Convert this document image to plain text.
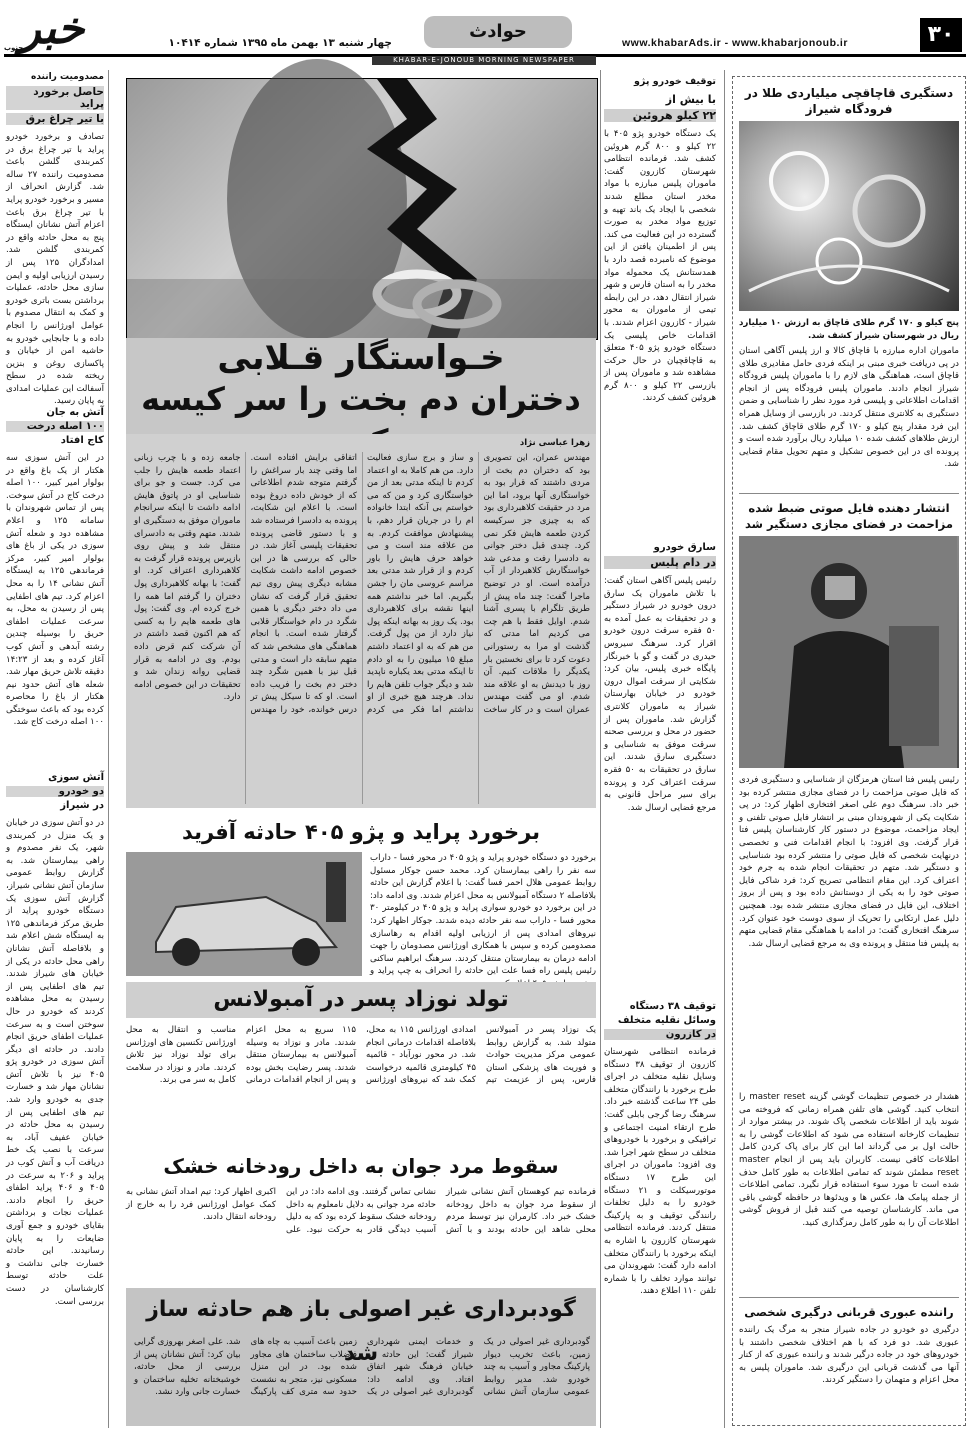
۳۰
حوادث
www.khabarAds.ir - www.khabarjonoub.ir
خبر
جنوب	چهار شنبه ۱۳ بهمن ماه ۱۳۹۵ شماره ۱۰۴۱۴
KHABAR-E-JONOUB MORNING NEWSPAPER
مصدومیت راننده
حاصل برخورد پراید
با تیر چراغ برق
تصادف و برخورد خودرو پراید با تیر چراغ برق در کمربندی گلشن باعث مصدومیت راننده ۲۷ ساله شد. گزارش انحراف از مسیر و برخورد خودرو پراید با تیر چراغ برق باعث اعزام آتش نشانان ایستگاه پنج به محل حادثه واقع در کمربندی گلشن شد. امدادگران ۱۲۵ پس از رسیدن ارزیابی اولیه و ایمن سازی محل حادثه، عملیات برداشتن بست باتری خودرو و کمک به انتقال مصدوم با عوامل اورژانس را انجام داده و با جابجایی خودرو به حاشیه امن از خیابان و پاکسازی روغن و بنزین ریخته شده در سطح آسفالت این عملیات امدادی به پایان رسید.
آتش به جان
۱۰۰ اصله درخت
کاج افتاد
در این آتش سوزی سه هکتار از یک باغ واقع در بولوار امیر کبیر، ۱۰۰ اصله درخت کاج در آتش سوخت. پس از تماس شهروندان با سامانه ۱۲۵ و اعلام مشاهده دود و شعله آتش سوزی در یکی از باغ های بولوار امیر کبیر، مرکز فرماندهی ۱۲۵ به ایستگاه آتش نشانی ۱۴ را به محل اعزام کرد. تیم های اطفایی پس از رسیدن به محل، به سرعت عملیات اطفای حریق را بوسیله چندین رشته آبدهی و آتش کوب آغاز کرده و بعد از ۱۴:۲۳ دقیقه تلاش حریق مهار شد. شعله های آتش حدود نیم هکتار از باغ را محاصره کرده بود که باعث سوختگی ۱۰۰ اصله درخت کاج شد.
آتش سوزی
دو خودرو
در شیراز
در دو آتش سوزی در خیابان و یک منزل در کمربندی شهر، یک نفر مصدوم و راهی بیمارستان شد. به گزارش روابط عمومی سازمان آتش نشانی شیراز، گزارش آتش سوزی یک دستگاه خودرو پراید از طریق مرکز فرماندهی ۱۲۵ به ایستگاه شش اعلام شد و بلافاصله آتش نشانان راهی محل حادثه در یکی از خیابان های شیراز شدند. تیم های اطفایی پس از رسیدن به محل مشاهده کردند که خودرو در حال سوختن است و به سرعت عملیات اطفای حریق انجام دادند. در حادثه ای دیگر آتش سوزی در خودرو پژو ۴۰۵ نیز با تلاش آتش نشانان مهار شد و خسارت جدی به خودرو وارد شد. تیم های اطفایی پس از رسیدن به محل حادثه در خیابان عفیف آباد، به سرعت با نصب یک خط دریافت آب و آتش کوب در پراید و ۲۰۶ به سرعت در ۴۰۵ و ۴۰۶ پراید اطفای حریق را انجام دادند. عملیات نجات و برداشتن بقایای خودرو و جمع آوری ضایعات را به پایان رسانیدند. این حادثه خسارت جانی نداشت و علت حادثه توسط کارشناسان در دست بررسی است.
خـواستگار قـلابی
دختران دم بخت را سر کیسه
زهرا عباسی نژاد
مهندس عمران، این تصویری بود که دختران دم بخت از مردی داشتند که قرار بود به خواستگاری آنها برود، اما این مرد در حقیقت کلاهبرداری بود که به چیزی جز سرکیسه کردن طعمه هایش فکر نمی کرد. چندی قبل دختر جوانی به دادسرا رفت و مدعی شد خواستگارش کلاهبردار از آب درآمده است. او در توضیح ماجرا گفت: چند ماه پیش از طریق تلگرام با پسری آشنا شدم. اوایل فقط با هم چت می کردیم اما مدتی که گذشت او مرا به رستورانی دعوت کرد تا برای نخستین بار یکدیگر را ملاقات کنیم. آن روز با دیدنش به او علاقه مند شدم. او می گفت مهندس عمران است و در کار ساخت و ساز و برج سازی فعالیت دارد. من هم کاملا به او اعتماد کردم تا اینکه مدتی بعد از من خواستگاری کرد و من که می خواستم بی آنکه ابتدا خانواده ام را در جریان قرار دهم، با پیشنهادش موافقت کردم. به من علاقه مند است و می خواهد حرف هایش را باور کردم و از قرار شد مدتی بعد مراسم عروسی مان را جشن بگیریم. اما خبر نداشتم همه اینها نقشه برای کلاهبرداری بود. یک روز به بهانه اینکه پول نیاز دارد از من پول گرفت. من هم که به او اعتماد داشتم مبلغ ۱۵ میلیون را به او دادم تا اینکه مدتی بعد یکباره ناپدید شد و دیگر جواب تلفن هایم را نداد. هرچند هیچ خبری از او نداشتم اما فکر می کردم اتفاقی برایش افتاده است. اما وقتی چند بار سراغش را گرفتم متوجه شدم اطلاعاتی که از خودش داده دروغ بوده است. با اعلام این شکایت، پرونده به دادسرا فرستاده شد و با دستور قاضی پرونده تحقیقات پلیسی آغاز شد. در حالی که بررسی ها در این خصوص ادامه داشت شکایت مشابه دیگری پیش روی تیم تحقیق قرار گرفت که نشان می داد دختر دیگری با همین شگرد در دام خواستگار قلابی گرفتار شده است. با انجام هماهنگی های مشخص شد که متهم سابقه دار است و مدتی قبل نیز با همین شگرد چند دختر دم بخت را فریب داده است. او که تا سیکل پیش تر درس خوانده، خود را مهندس جامعه زده و با چرب زبانی اعتماد طعمه هایش را جلب می کرد. جست و جو برای شناسایی او در پاتوق هایش ادامه داشت تا اینکه سرانجام ماموران موفق به دستگیری او شدند. متهم وقتی به دادسرای منتقل شد و پیش روی بازپرس پرونده قرار گرفت به کلاهبرداری اعتراف کرد. او گفت: با بهانه کلاهبرداری پول دختران را گرفتم اما همه را خرج کرده ام. وی گفت: پول های طعمه هایم را به کسی که هم اکنون قصد داشتم در آن شرکت کنم قرض داده بودم. وی در ادامه به قرار قضایی روانه زندان شد و تحقیقات در این خصوص ادامه دارد.
توقیف خودرو پژو
با بیش از
۲۲ کیلو هروئین
یک دستگاه خودرو پژو ۴۰۵ با ۲۲ کیلو و ۸۰۰ گرم هروئین کشف شد. فرمانده انتظامی شهرستان کازرون گفت: ماموران پلیس مبارزه با مواد مخدر استان مطلع شدند شخصی با ایجاد یک باند تهیه و توزیع مواد مخدر به صورت گسترده در این فعالیت می کند. پس از اطمینان یافتن از این موضوع که نامبرده قصد دارد با همدستانش یک محموله مواد مخدر را به استان فارس و شهر شیراز انتقال دهد، در این رابطه تیمی از ماموران به محور شیراز - کازرون اعزام شدند. با اقدامات خاص پلیسی یک دستگاه خودرو پژو ۴۰۵ متعلق به قاچاقچیان در حال حرکت مشاهده شد و ماموران پس از بازرسی ۲۲ کیلو و ۸۰۰ گرم هروئین کشف کردند.
سارق خودرو
در دام پلیس
رئیس پلیس آگاهی استان گفت: با تلاش ماموران یک سارق درون خودرو در شیراز دستگیر و در تحقیقات به عمل آمده به ۵۰ فقره سرقت درون خودرو اقرار کرد. سرهنگ سیروس حیدری در گفت و گو با خبرنگار پایگاه خبری پلیس، بیان کرد: شکایتی از سرقت اموال درون خودرو در خیابان بهارستان شیراز به ماموران کلانتری گزارش شد. ماموران پس از حضور در محل و بررسی صحنه سرقت موفق به شناسایی و دستگیری سارق شدند. این سارق در تحقیقات به ۵۰ فقره سرقت اعتراف کرد و پرونده برای سیر مراحل قانونی به مرجع قضایی ارسال شد.
توقیف ۳۸ دستگاه
وسائل نقلیه متخلف
در کازرون
فرمانده انتظامی شهرستان کازرون از توقیف ۳۸ دستگاه وسایل نقلیه متخلف در اجرای طرح برخورد با رانندگان متخلف طی ۲۴ ساعت گذشته خبر داد. سرهنگ رضا گرجی بابلی گفت: طرح ارتقاء امنیت اجتماعی و ترافیکی و برخورد با خودروهای متخلف در سطح شهر اجرا شد. وی افزود: ماموران در اجرای این طرح ۱۷ دستگاه موتورسیکلت و ۲۱ دستگاه خودرو را به دلیل تخلفات رانندگی توقیف و به پارکینگ منتقل کردند. فرمانده انتظامی شهرستان کازرون با اشاره به اینکه برخورد با رانندگان متخلف ادامه دارد گفت: شهروندان می توانند موارد تخلف را با شماره تلفن ۱۱۰ اطلاع دهند.
دستگیری قاچاقچی میلیاردی طلا در فرودگاه شیراز
پنج کیلو و ۱۷۰ گرم طلای قاچاق به ارزش ۱۰ میلیارد ریال در شهرستان شیراز کشف شد.
ماموران اداره مبارزه با قاچاق کالا و ارز پلیس آگاهی استان در پی دریافت خبری مبنی بر اینکه فردی حامل مقادیری طلای قاچاق است، هماهنگی های لازم را با ماموران پلیس فرودگاه شیراز انجام دادند. ماموران پلیس فرودگاه پس از انجام اقدامات اطلاعاتی و پلیسی فرد مورد نظر را شناسایی و ضمن دستگیری به کلانتری منتقل کردند. در بازرسی از وسایل همراه این فرد مقدار پنج کیلو و ۱۷۰ گرم طلای قاچاق کشف شد. ارزش طلاهای کشف شده ۱۰ میلیارد ریال برآورد شده است و پرونده ای در این خصوص تشکیل و متهم تحویل مقام قضایی شد.
انتشار دهنده فایل صوتی ضبط شده مزاحمت در فضای مجازی دستگیر شد
رئیس پلیس فتا استان هرمزگان از شناسایی و دستگیری فردی که فایل صوتی مزاحمت را در فضای مجازی منتشر کرده بود خبر داد. سرهنگ دوم علی اصغر افتخاری اظهار کرد: در پی شکایت یکی از شهروندان مبنی بر انتشار فایل صوتی تلفنی و ایجاد مزاحمت، موضوع در دستور کار کارشناسان پلیس فتا قرار گرفت. وی افزود: با انجام اقدامات فنی و تخصصی درنهایت شخصی که فایل صوتی را منتشر کرده بود شناسایی و دستگیر شد. متهم در تحقیقات انجام شده به جرم خود اعتراف کرد. این مقام انتظامی تصریح کرد: فرد شاکی فایل صوتی خود را به یکی از دوستانش داده بود و پس از بروز اختلاف، این فایل در فضای مجازی منتشر شده بود. همچنین دلیل عمل ارتکابی را تحریک از سوی دوست خود عنوان کرد. سرهنگ افتخاری گفت: در ادامه با هماهنگی مقام قضایی متهم به پلیس فتا منتقل و پرونده وی به مرجع قضایی ارسال شد.
هشدار در خصوص تنظیمات گوشی گزینه master reset را انتخاب کنید. گوشی های تلفن همراه زمانی که فروخته می شوند باید از اطلاعات شخصی پاک شوند. در بیشتر موارد از تنظیمات کارخانه استفاده می شود که اطلاعات گوشی را به حالت اول بر می گرداند اما این کار برای پاک کردن کامل اطلاعات کافی نیست. کاربران باید پس از انجام master reset مطمئن شوند که تمامی اطلاعات به طور کامل حذف شده است تا مورد سوء استفاده قرار نگیرد. تمامی اطلاعات از جمله پیامک ها، عکس ها و ویدئوها در حافظه گوشی باقی می ماند. کارشناسان توصیه می کنند قبل از فروش گوشی اطلاعات آن را به طور کامل رمزگذاری کنید.
راننده عبوری قربانی درگیری شخصی
درگیری دو خودرو در جاده شیراز منجر به مرگ یک راننده عبوری شد. دو فرد که با هم اختلاف شخصی داشتند با خودروهای خود در جاده درگیر شدند و راننده عبوری که از کنار آنها می گذشت قربانی این درگیری شد. ماموران پلیس به محل اعزام و متهمان را دستگیر کردند.
برخورد پراید و پژو ۴۰۵ حادثه آفرید
برخورد دو دستگاه خودرو پراید و پژو ۴۰۵ در محور فسا - داراب سه نفر را راهی بیمارستان کرد. محمد حسن جوکار مسئول روابط عمومی هلال احمر فسا گفت: با اعلام گزارش این حادثه بلافاصله ۲ دستگاه آمبولانس به محل اعزام شدند. وی ادامه داد: در این برخورد دو خودرو سواری پراید و پژو ۴۰۵ در کیلومتر ۳۰ محور فسا - داراب سه نفر حادثه دیده شدند. جوکار اظهار کرد: نیروهای امدادی پس از ارزیابی اولیه اقدام به رهاسازی مصدومین کرده و سپس با همکاری اورژانس مصدومان را جهت ادامه درمان به بیمارستان منتقل کردند. سرهنگ ابراهیم ساکنی رئیس پلیس راه فسا علت این حادثه را انحراف به چپ پراید و
تولد نوزاد پسر در آمبولانس
یک نوزاد پسر در آمبولانس متولد شد. به گزارش روابط عمومی مرکز مدیریت حوادث و فوریت های پزشکی استان فارس، پس از عزیمت تیم امدادی اورژانس ۱۱۵ به محل، بلافاصله اقدامات درمانی انجام شد. در محور نورآباد - قائمیه ۴۵ کیلومتری قائمیه درخواست کمک شد که نیروهای اورژانس ۱۱۵ سریع به محل اعزام شدند. مادر و نوزاد به وسیله آمبولانس به بیمارستان منتقل شدند. پسر رضایت بخش بوده و پس از انجام اقدامات درمانی مناسب و انتقال به محل اورژانس تکنسین های اورژانس برای تولد نوزاد نیز تلاش کردند. مادر و نوزاد در سلامت کامل به سر می برند.
سقوط مرد جوان به داخل رودخانه خشک
فرمانده تیم کوهستان آتش نشانی شیراز از سقوط مرد جوان به داخل رودخانه خشک خبر داد. کارمران نیز توسط مردم محلی شاهد این حادثه بودند و با آتش نشانی تماس گرفتند. وی ادامه داد: در این حادثه مرد جوانی به دلایل نامعلوم به داخل رودخانه خشک سقوط کرده بود که به دلیل آسیب دیدگی قادر به حرکت نبود. علی اکبری اظهار کرد: تیم امداد آتش نشانی به کمک عوامل اورژانس فرد را به خارج از رودخانه انتقال دادند.
گودبرداری غیر اصولی باز هم حادثه ساز شد	گودبرداری غیر اصولی در یک زمین، باعث تخریب دیوار پارکینگ مجاور و آسیب به چند خودرو شد. مدیر روابط عمومی سازمان آتش نشانی و خدمات ایمنی شهرداری شیراز گفت: این حادثه در خیابان فرهنگ شهر اتفاق افتاد. وی ادامه داد: گودبرداری غیر اصولی در یک زمین باعث آسیب به چاه های فاضلاب ساختمان های مجاور شده بود. در این منزل مسکونی نیز، متجر به نشست حدود سه متری کف پارکینگ شد. علی اصغر بهروزی گرایی بیان کرد: آتش نشانان پس از بررسی از محل حادثه، خوشبختانه تخلیه ساختمان و خسارت جانی وارد نشد.
